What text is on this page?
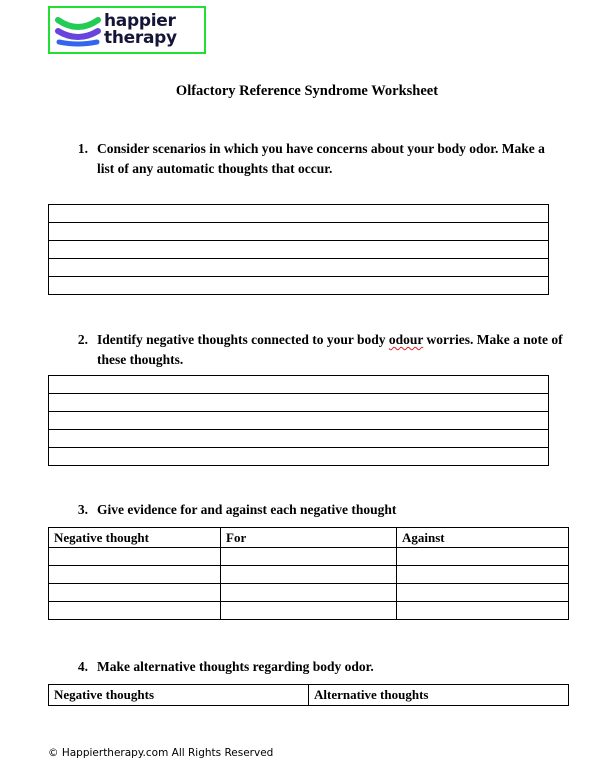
happier
therapy
Olfactory Reference Syndrome Worksheet
1. Consider scenarios in which you have concerns about your body odor. Make a list of any automatic thoughts that occur.

2. Identify negative thoughts connected to your body odour worries. Make a note of these thoughts.

3. Give evidence for and against each negative thought
Negative thought	For	Against

4. Make alternative thoughts regarding body odor.
Negative thoughts	Alternative thoughts
© Happiertherapy.com All Rights Reserved
